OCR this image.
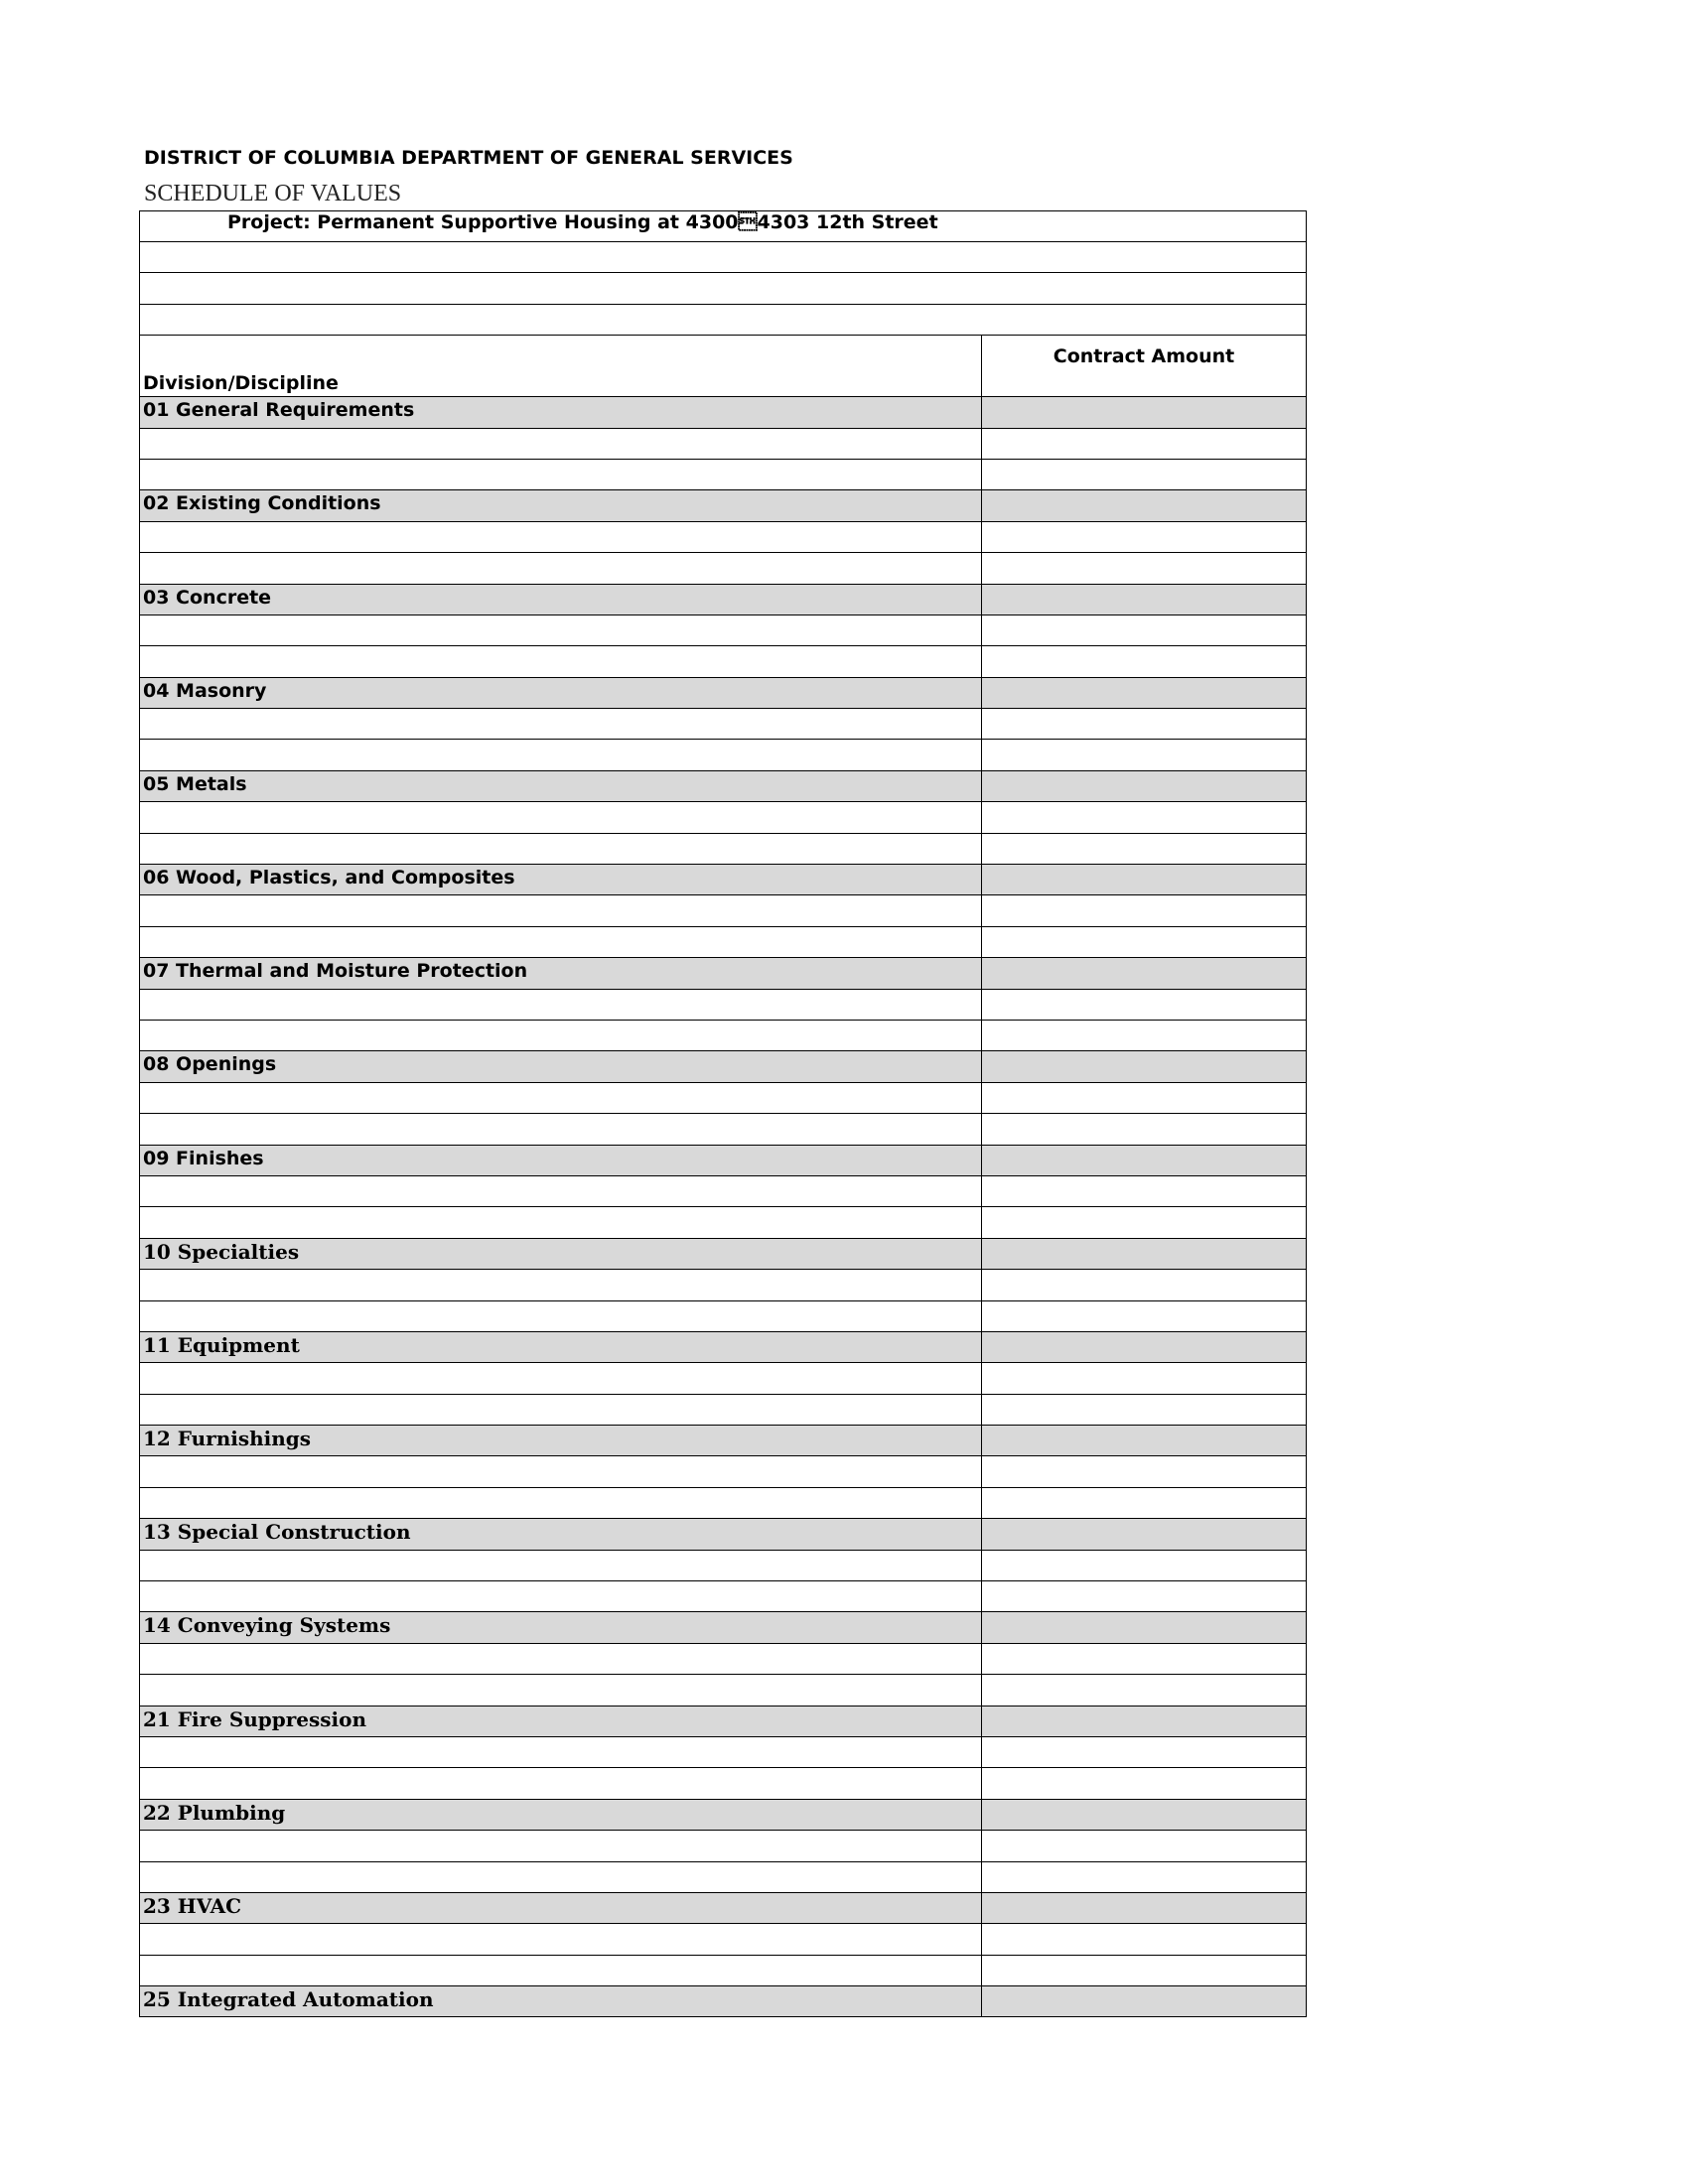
DISTRICT OF COLUMBIA DEPARTMENT OF GENERAL SERVICES
SCHEDULE OF VALUES
Project: Permanent Supportive Housing at 43004303 12th Street	

Division/Discipline	Contract Amount
01 General Requirements	

02 Existing Conditions	

03 Concrete	

04 Masonry	

05 Metals	

06 Wood, Plastics, and Composites	

07 Thermal and Moisture Protection	

08 Openings	

09 Finishes	

10 Specialties	

11 Equipment	

12 Furnishings	

13 Special Construction	

14 Conveying Systems	

21 Fire Suppression	

22 Plumbing	

23 HVAC	

25 Integrated Automation	
